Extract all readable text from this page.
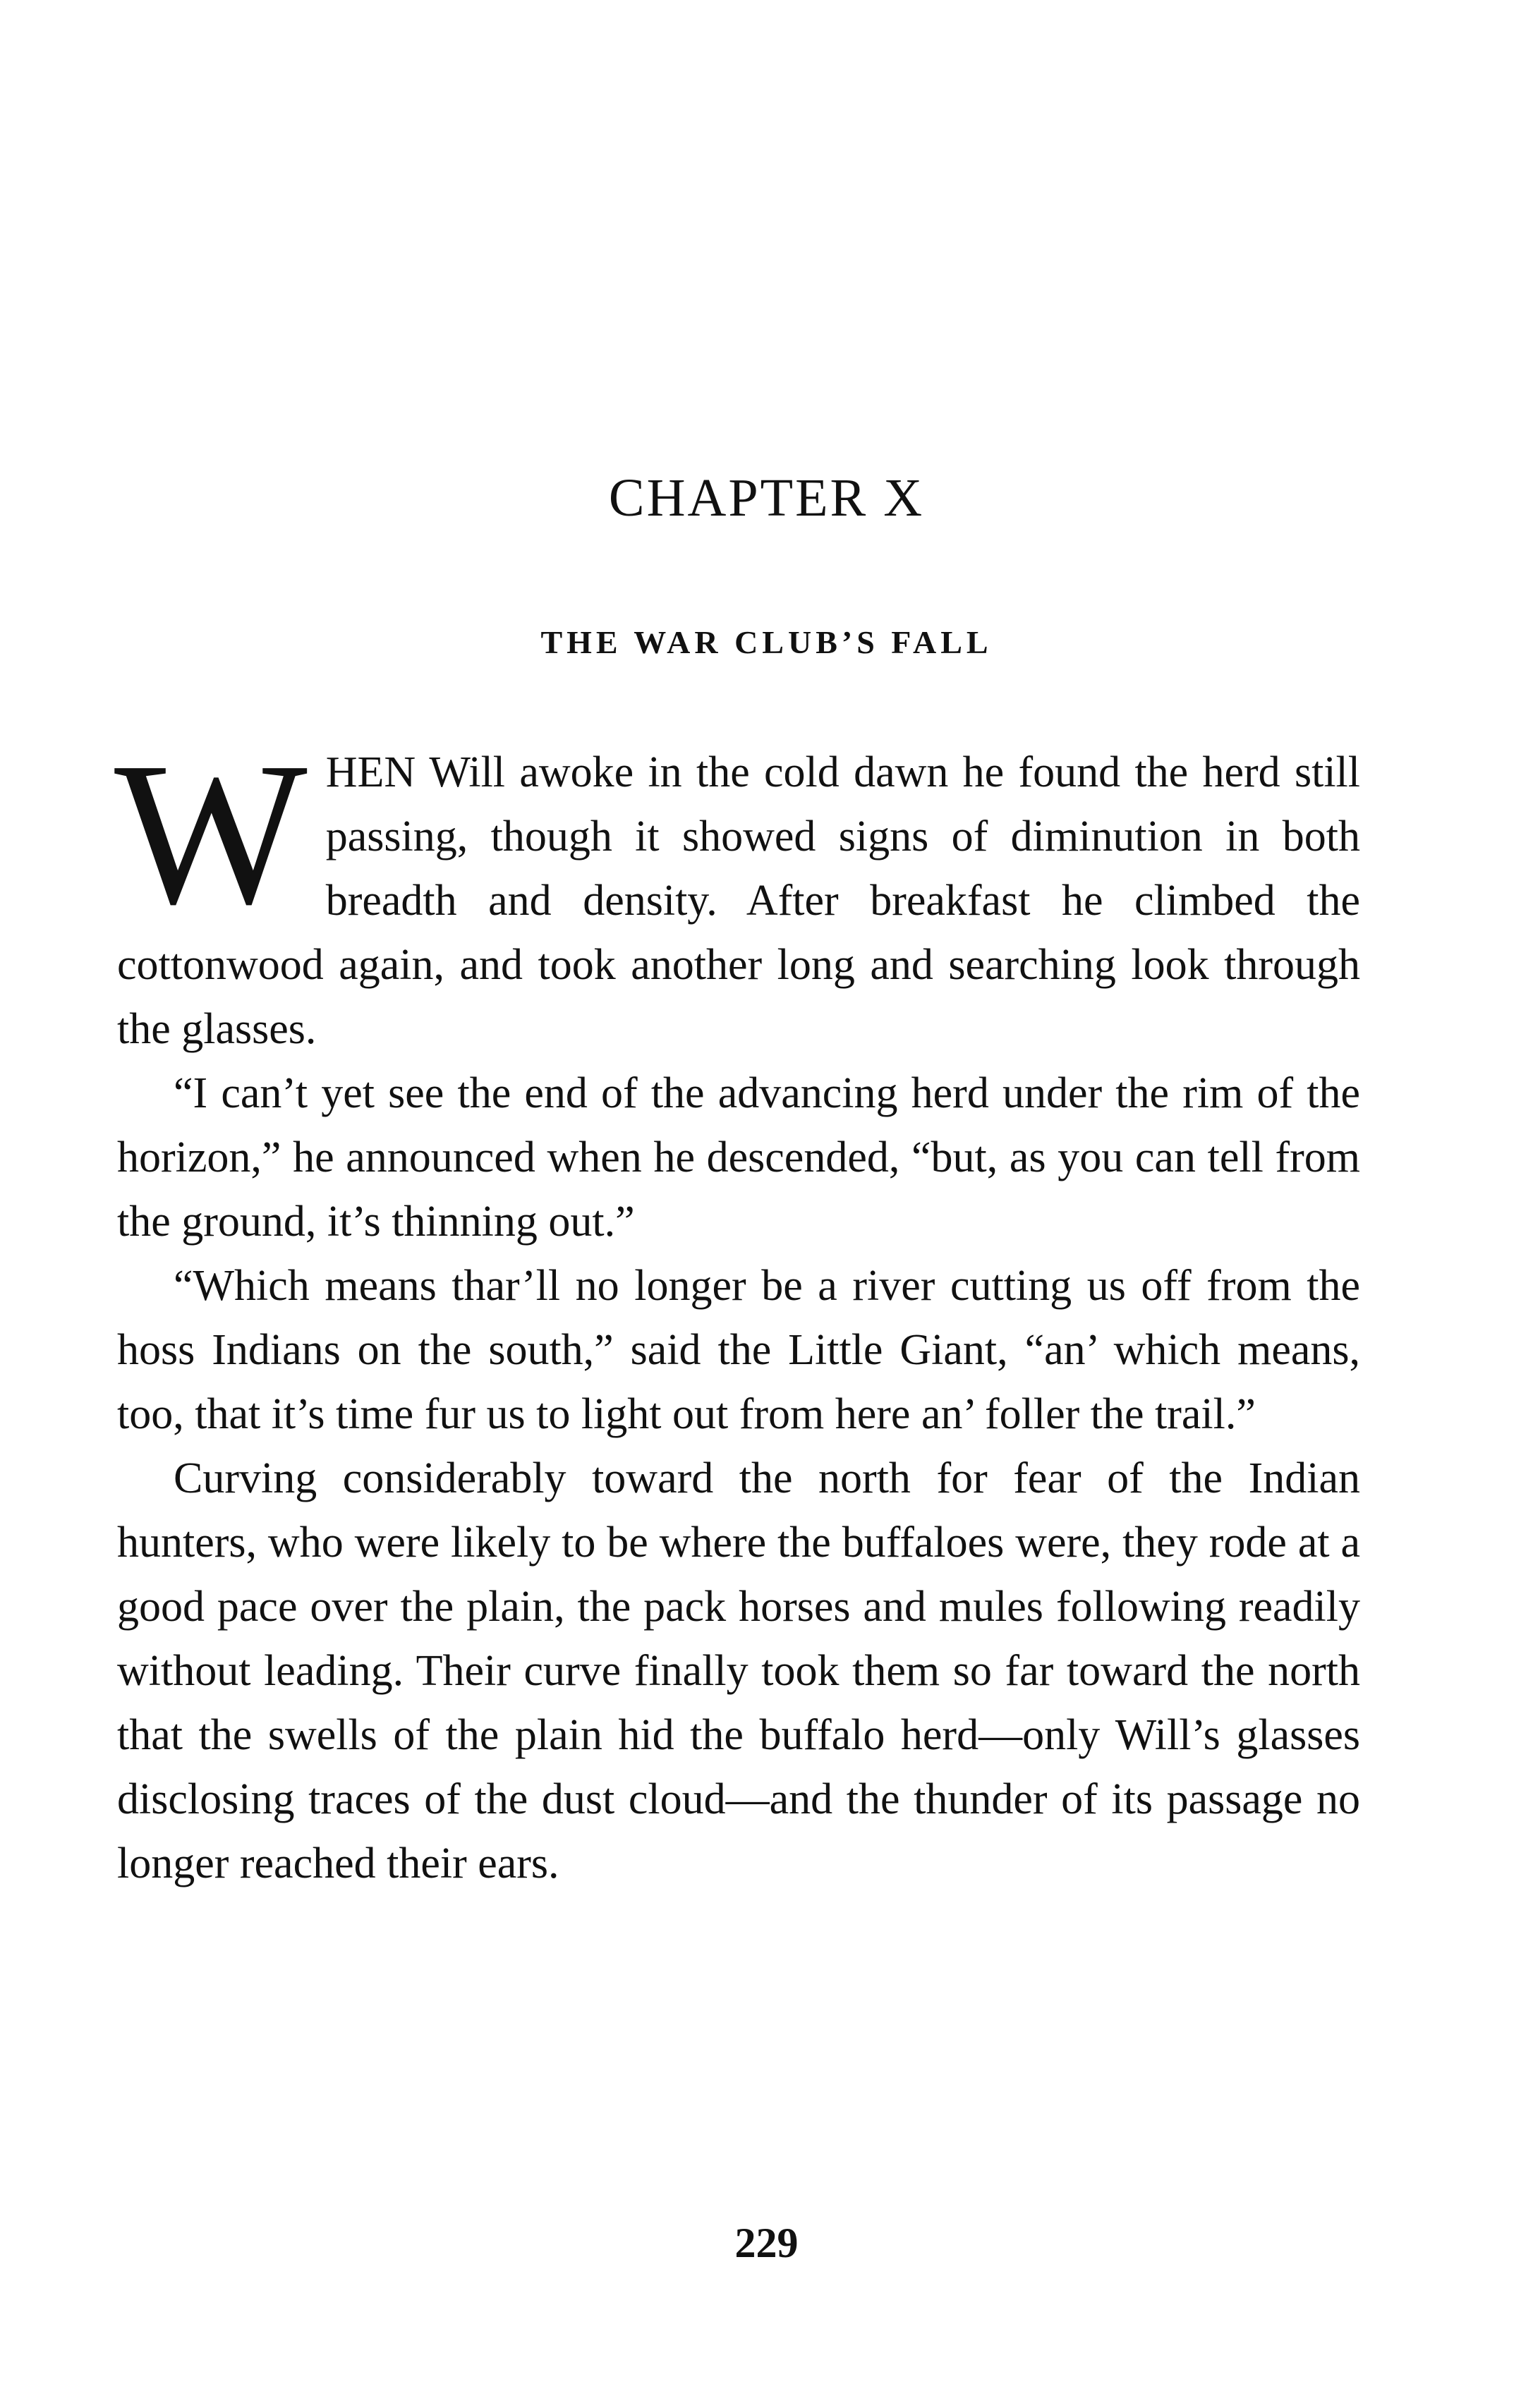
CHAPTER X
THE WAR CLUB’S FALL

WHEN Will awoke in the cold dawn he found the herd still passing, though it showed signs of diminution in both breadth and density. After breakfast he climbed the cottonwood again, and took another long and searching look through the glasses.

“I can’t yet see the end of the advancing herd under the rim of the horizon,” he announced when he descended, “but, as you can tell from the ground, it’s thinning out.”

“Which means thar’ll no longer be a river cutting us off from the hoss Indians on the south,” said the Little Giant, “an’ which means, too, that it’s time fur us to light out from here an’ foller the trail.”

Curving considerably toward the north for fear of the Indian hunters, who were likely to be where the buffaloes were, they rode at a good pace over the plain, the pack horses and mules following readily without leading. Their curve finally took them so far toward the north that the swells of the plain hid the buffalo herd—only Will’s glasses disclosing traces of the dust cloud—and the thunder of its passage no longer reached their ears.

229
